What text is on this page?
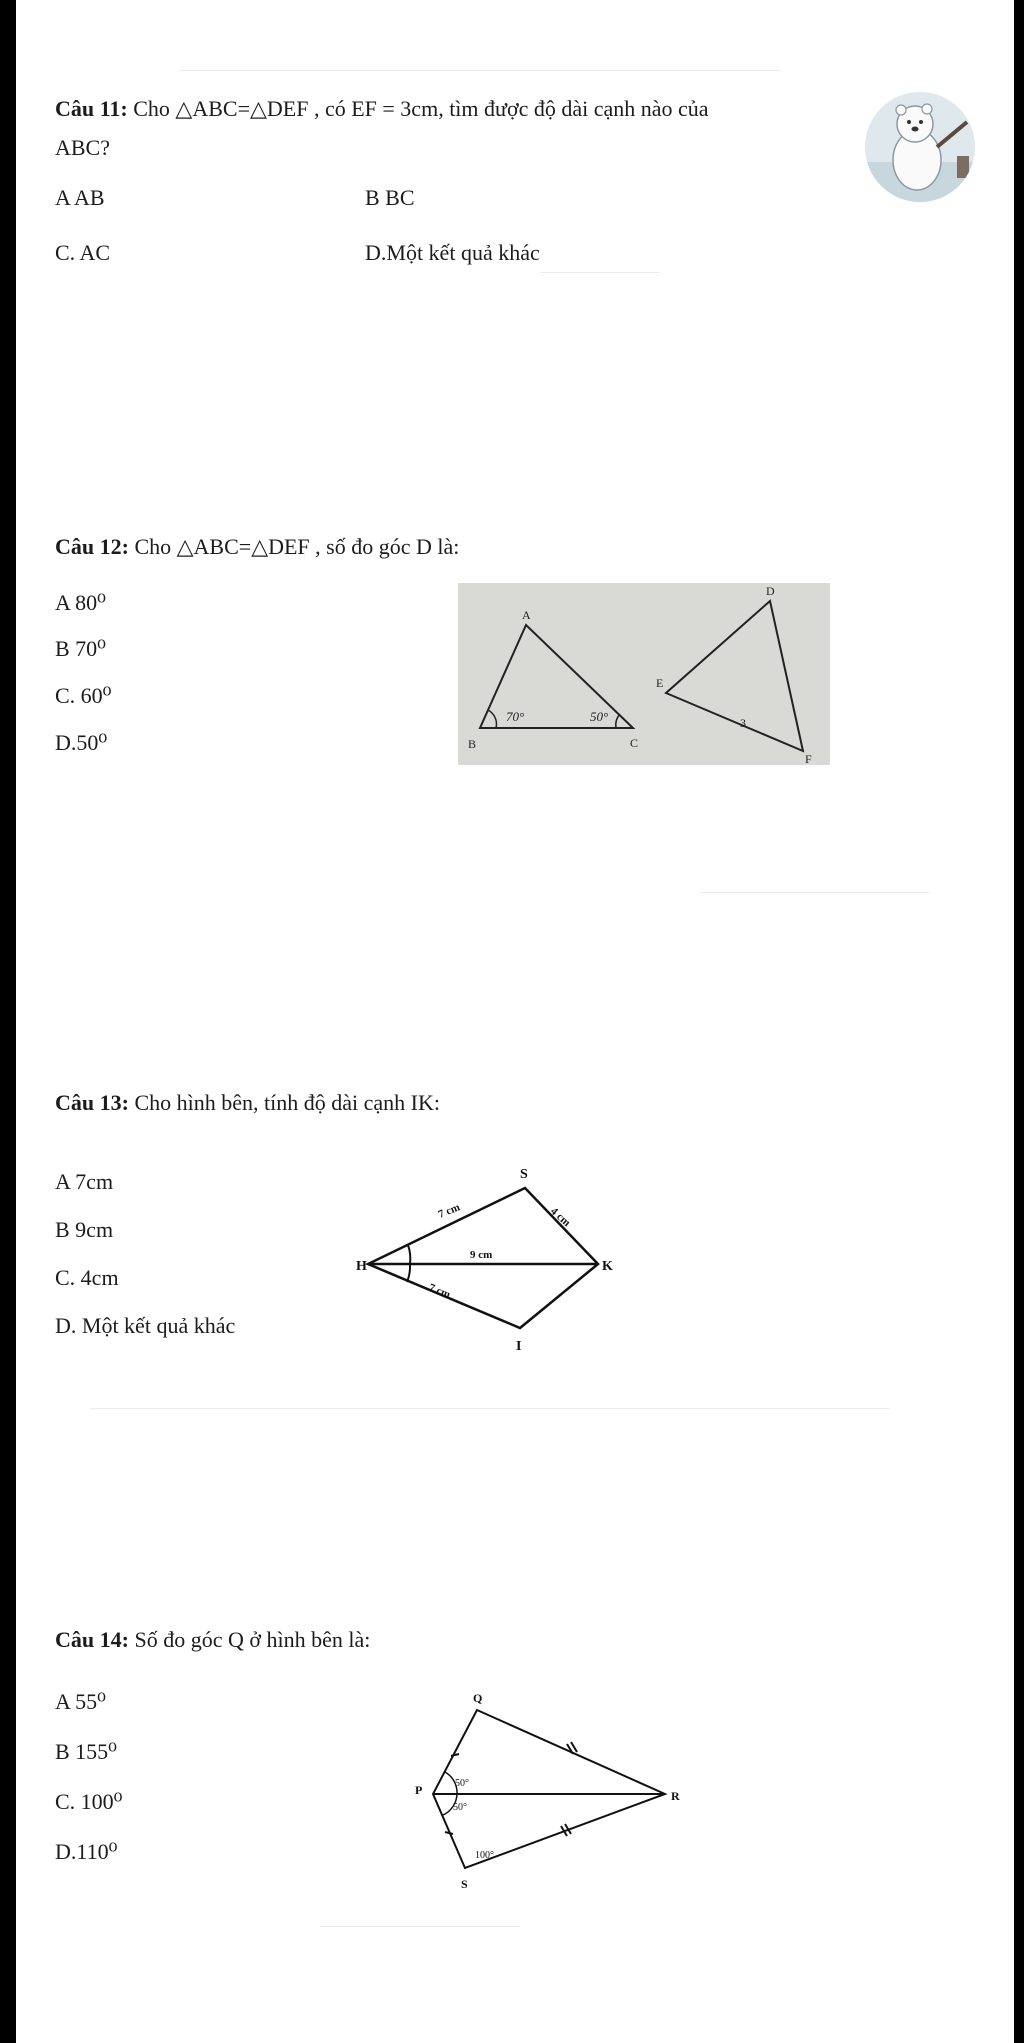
Câu 11: Cho △ABC=△DEF , có EF = 3cm, tìm được độ dài cạnh nào của
ABC?
A AB	B BC
C. AC	D.Một kết quả khác
Câu 12: Cho △ABC=△DEF , số đo góc D là:
A 80⁰
B 70⁰
C. 60⁰
D.50⁰
A
B	C
D
E
F
70°	50°	3
Câu 13: Cho hình bên, tính độ dài cạnh IK:
A 7cm
B 9cm
C. 4cm
D. Một kết quả khác
S
H	K
I
7 cm	4 cm
9 cm
7 cm
Câu 14: Số đo góc Q ở hình bên là:
A 55⁰
B 155⁰
C. 100⁰
D.110⁰
Q
P	R
S
50°
50°
100°
